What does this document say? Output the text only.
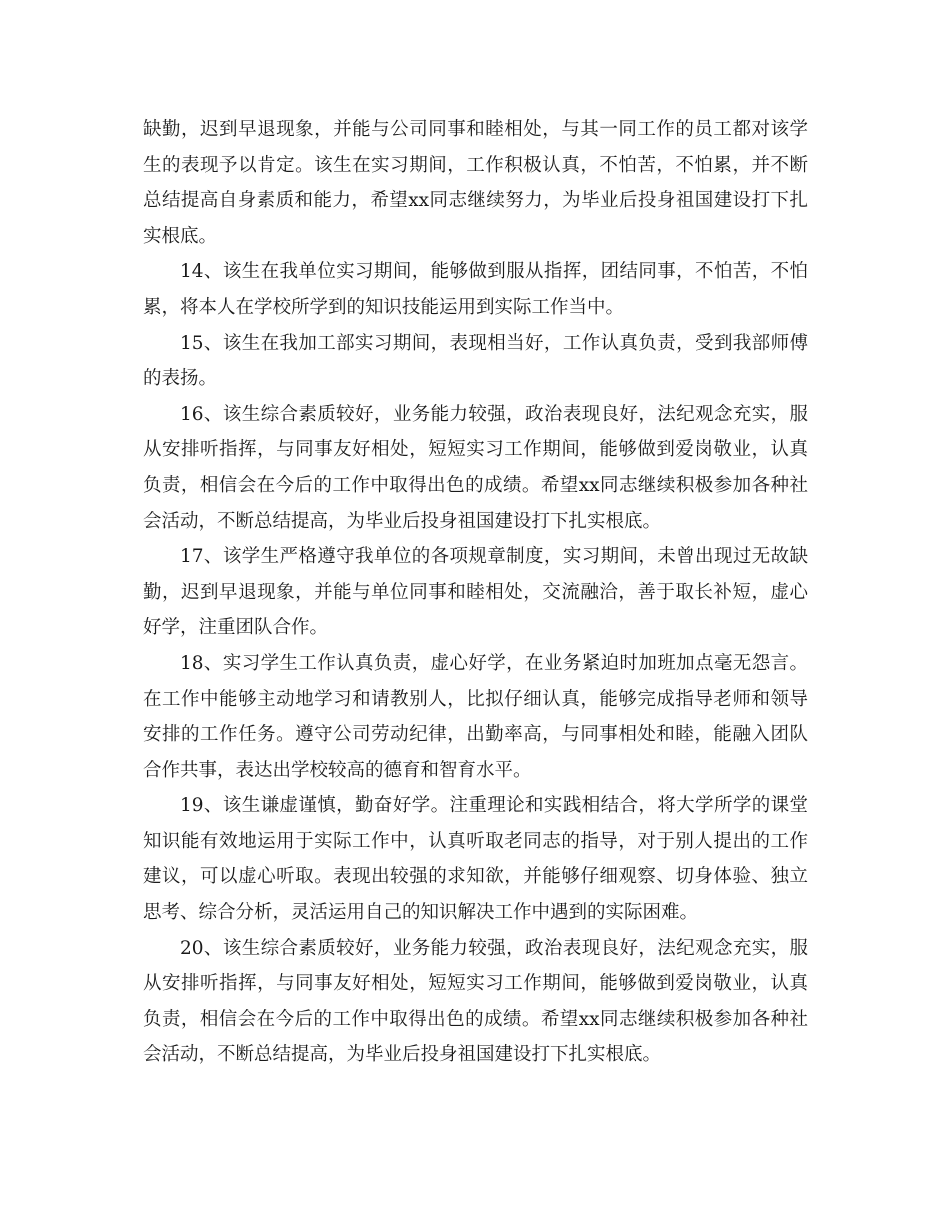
缺勤，迟到早退现象，并能与公司同事和睦相处，与其一同工作的员工都对该学生的表现予以肯定。该生在实习期间，工作积极认真，不怕苦，不怕累，并不断总结提高自身素质和能力，希望xx同志继续努力，为毕业后投身祖国建设打下扎实根底。

14、该生在我单位实习期间，能够做到服从指挥，团结同事，不怕苦，不怕累，将本人在学校所学到的知识技能运用到实际工作当中。

15、该生在我加工部实习期间，表现相当好，工作认真负责，受到我部师傅的表扬。

16、该生综合素质较好，业务能力较强，政治表现良好，法纪观念充实，服从安排听指挥，与同事友好相处，短短实习工作期间，能够做到爱岗敬业，认真负责，相信会在今后的工作中取得出色的成绩。希望xx同志继续积极参加各种社会活动，不断总结提高，为毕业后投身祖国建设打下扎实根底。

17、该学生严格遵守我单位的各项规章制度，实习期间，未曾出现过无故缺勤，迟到早退现象，并能与单位同事和睦相处，交流融洽，善于取长补短，虚心好学，注重团队合作。

18、实习学生工作认真负责，虚心好学，在业务紧迫时加班加点毫无怨言。在工作中能够主动地学习和请教别人，比拟仔细认真，能够完成指导老师和领导安排的工作任务。遵守公司劳动纪律，出勤率高，与同事相处和睦，能融入团队合作共事，表达出学校较高的德育和智育水平。

19、该生谦虚谨慎，勤奋好学。注重理论和实践相结合，将大学所学的课堂知识能有效地运用于实际工作中，认真听取老同志的指导，对于别人提出的工作建议，可以虚心听取。表现出较强的求知欲，并能够仔细观察、切身体验、独立思考、综合分析，灵活运用自己的知识解决工作中遇到的实际困难。

20、该生综合素质较好，业务能力较强，政治表现良好，法纪观念充实，服从安排听指挥，与同事友好相处，短短实习工作期间，能够做到爱岗敬业，认真负责，相信会在今后的工作中取得出色的成绩。希望xx同志继续积极参加各种社会活动，不断总结提高，为毕业后投身祖国建设打下扎实根底。
